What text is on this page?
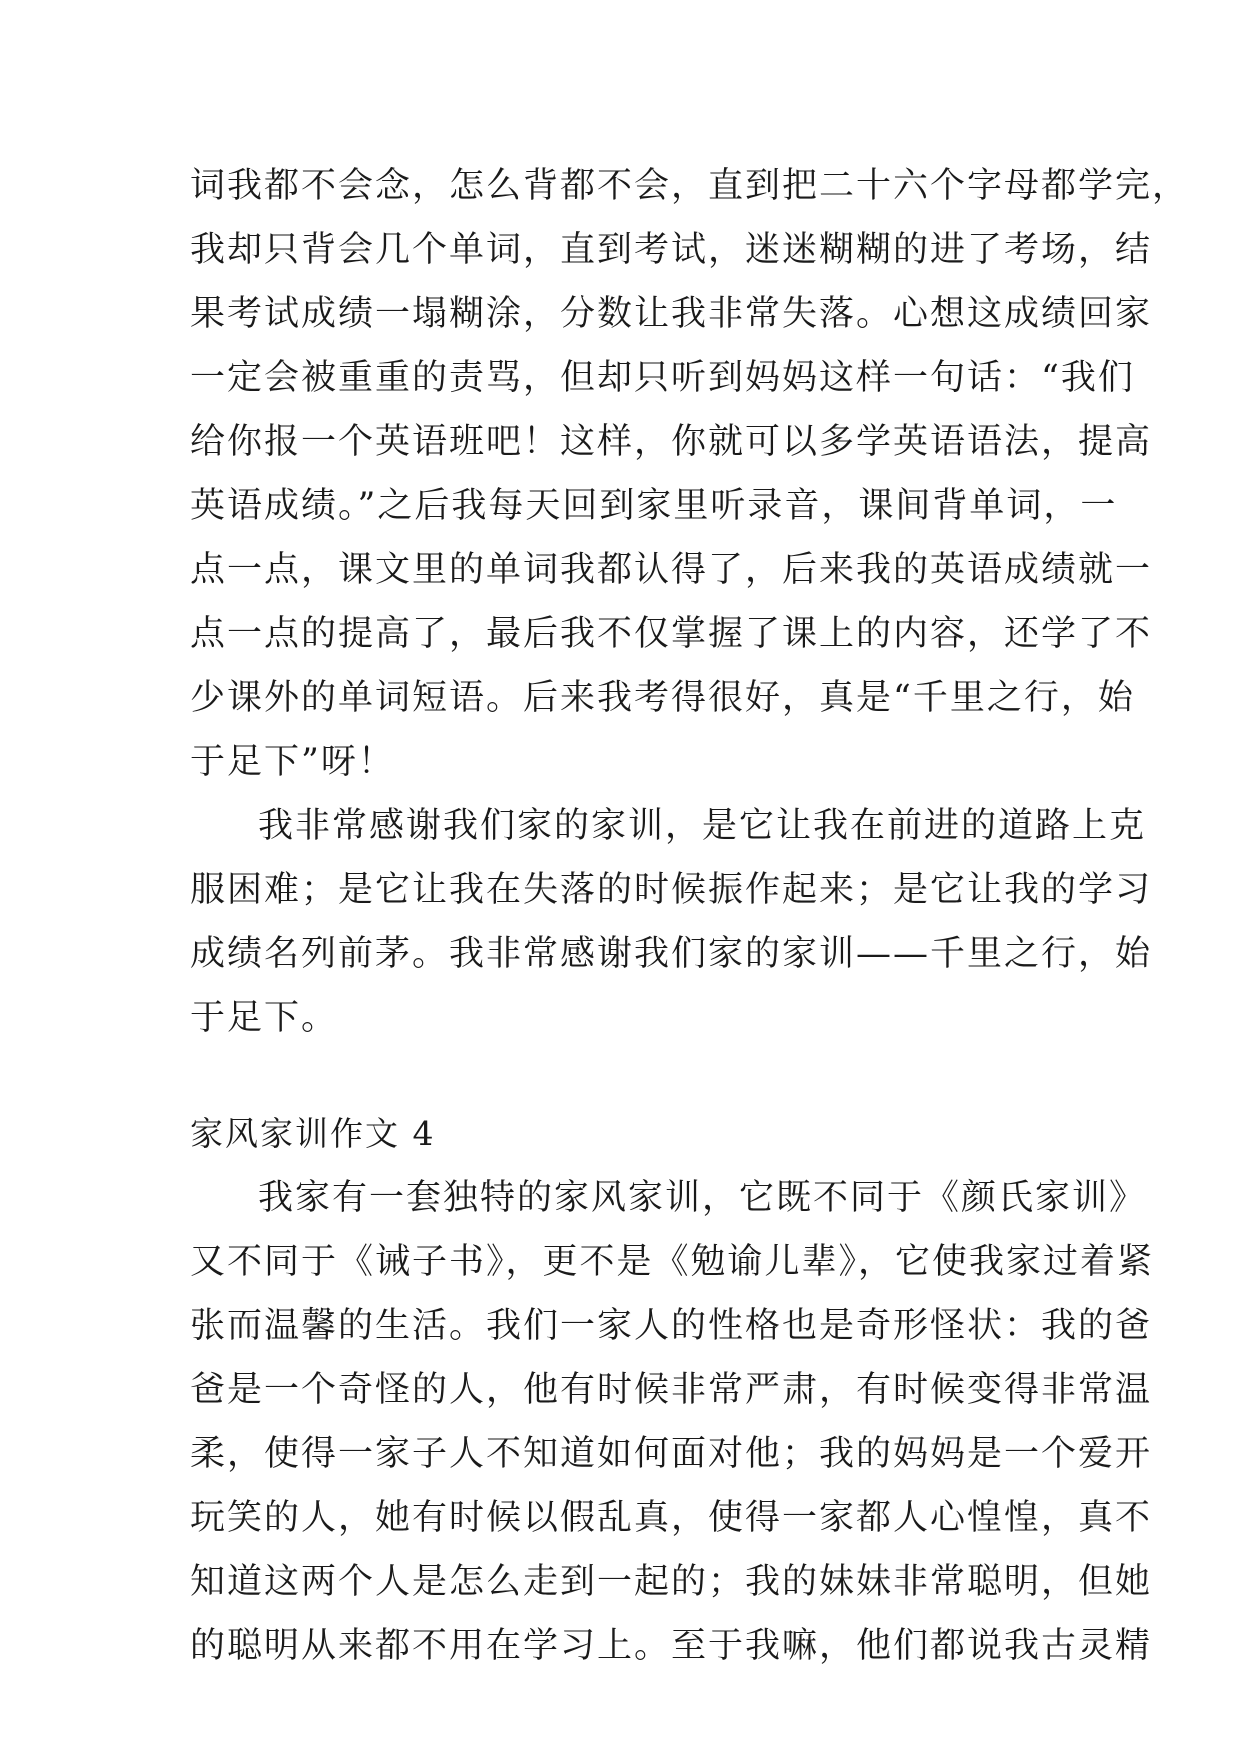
词我都不会念，怎么背都不会，直到把二十六个字母都学完，
我却只背会几个单词，直到考试，迷迷糊糊的进了考场，结
果考试成绩一塌糊涂，分数让我非常失落。心想这成绩回家
一定会被重重的责骂，但却只听到妈妈这样一句话：“我们
给你报一个英语班吧！这样，你就可以多学英语语法，提高
英语成绩。”之后我每天回到家里听录音，课间背单词，一
点一点，课文里的单词我都认得了，后来我的英语成绩就一
点一点的提高了，最后我不仅掌握了课上的内容，还学了不
少课外的单词短语。后来我考得很好，真是“千里之行，始
于足下”呀！
我非常感谢我们家的家训，是它让我在前进的道路上克
服困难；是它让我在失落的时候振作起来；是它让我的学习
成绩名列前茅。我非常感谢我们家的家训——千里之行，始
于足下。
家风家训作文 4
我家有一套独特的家风家训，它既不同于《颜氏家训》
又不同于《诫子书》，更不是《勉谕儿辈》，它使我家过着紧
张而温馨的生活。我们一家人的性格也是奇形怪状：我的爸
爸是一个奇怪的人，他有时候非常严肃，有时候变得非常温
柔，使得一家子人不知道如何面对他；我的妈妈是一个爱开
玩笑的人，她有时候以假乱真，使得一家都人心惶惶，真不
知道这两个人是怎么走到一起的；我的妹妹非常聪明，但她
的聪明从来都不用在学习上。至于我嘛，他们都说我古灵精
